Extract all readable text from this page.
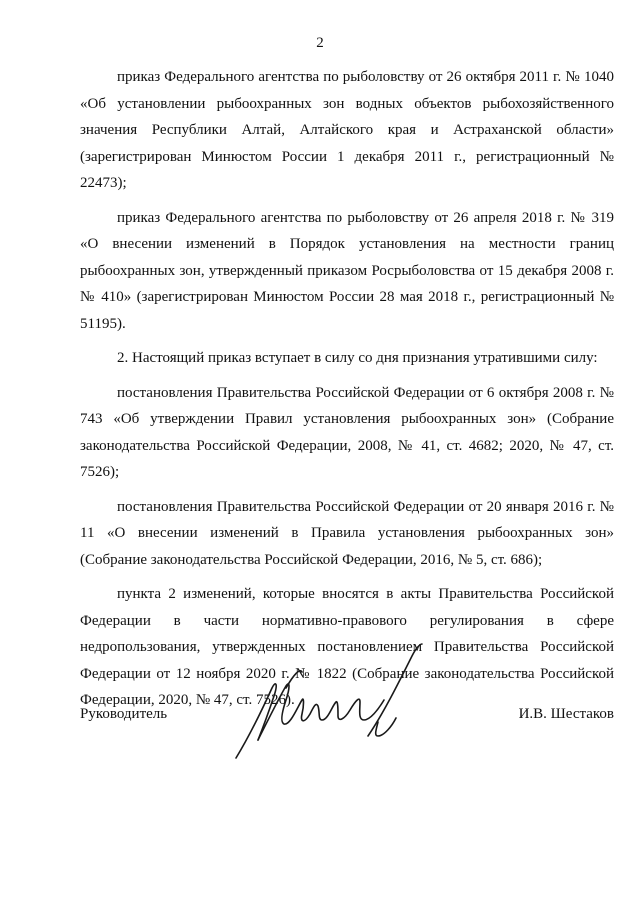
2

приказ Федерального агентства по рыболовству от 26 октября 2011 г. № 1040 «Об установлении рыбоохранных зон водных объектов рыбохозяйственного значения Республики Алтай, Алтайского края и Астраханской области» (зарегистрирован Минюстом России 1 декабря 2011 г., регистрационный № 22473);

приказ Федерального агентства по рыболовству от 26 апреля 2018 г. № 319 «О внесении изменений в Порядок установления на местности границ рыбоохранных зон, утвержденный приказом Росрыболовства от 15 декабря 2008 г. № 410» (зарегистрирован Минюстом России 28 мая 2018 г., регистрационный № 51195).

2. Настоящий приказ вступает в силу со дня признания утратившими силу:

постановления Правительства Российской Федерации от 6 октября 2008 г. № 743 «Об утверждении Правил установления рыбоохранных зон» (Собрание законодательства Российской Федерации, 2008, № 41, ст. 4682; 2020, № 47, ст. 7526);

постановления Правительства Российской Федерации от 20 января 2016 г. № 11 «О внесении изменений в Правила установления рыбоохранных зон» (Собрание законодательства Российской Федерации, 2016, № 5, ст. 686);

пункта 2 изменений, которые вносятся в акты Правительства Российской Федерации в части нормативно-правового регулирования в сфере недропользования, утвержденных постановлением Правительства Российской Федерации от 12 ноября 2020 г. № 1822 (Собрание законодательства Российской Федерации, 2020, № 47, ст. 7526).

Руководитель	И.В. Шестаков
